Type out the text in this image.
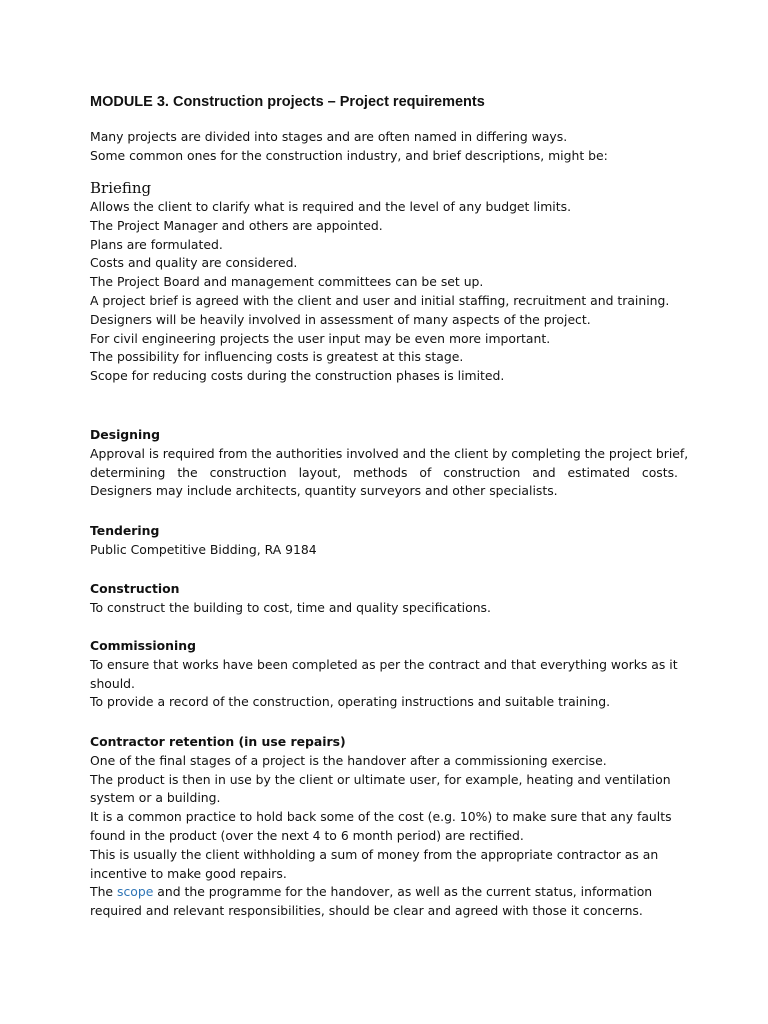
MODULE 3. Construction projects – Project requirements

Many projects are divided into stages and are often named in differing ways.

Some common ones for the construction industry, and brief descriptions, might be:

Briefing

Allows the client to clarify what is required and the level of any budget limits.

The Project Manager and others are appointed.

Plans are formulated.

Costs and quality are considered.

The Project Board and management committees can be set up.

A project brief is agreed with the client and user and initial staffing, recruitment and training.

Designers will be heavily involved in assessment of many aspects of the project.

For civil engineering projects the user input may be even more important.

The possibility for influencing costs is greatest at this stage.

Scope for reducing costs during the construction phases is limited.

Designing

Approval is required from the authorities involved and the client by completing the project brief,

determining the construction layout, methods of construction and estimated costs.

Designers may include architects, quantity surveyors and other specialists.

Tendering

Public Competitive Bidding, RA 9184

Construction

To construct the building to cost, time and quality specifications.

Commissioning

To ensure that works have been completed as per the contract and that everything works as it

should.

To provide a record of the construction, operating instructions and suitable training.

Contractor retention (in use repairs)

One of the final stages of a project is the handover after a commissioning exercise.

The product is then in use by the client or ultimate user, for example, heating and ventilation

system or a building.

It is a common practice to hold back some of the cost (e.g. 10%) to make sure that any faults

found in the product (over the next 4 to 6 month period) are rectified.

This is usually the client withholding a sum of money from the appropriate contractor as an

incentive to make good repairs.

The scope and the programme for the handover, as well as the current status, information

required and relevant responsibilities, should be clear and agreed with those it concerns.
